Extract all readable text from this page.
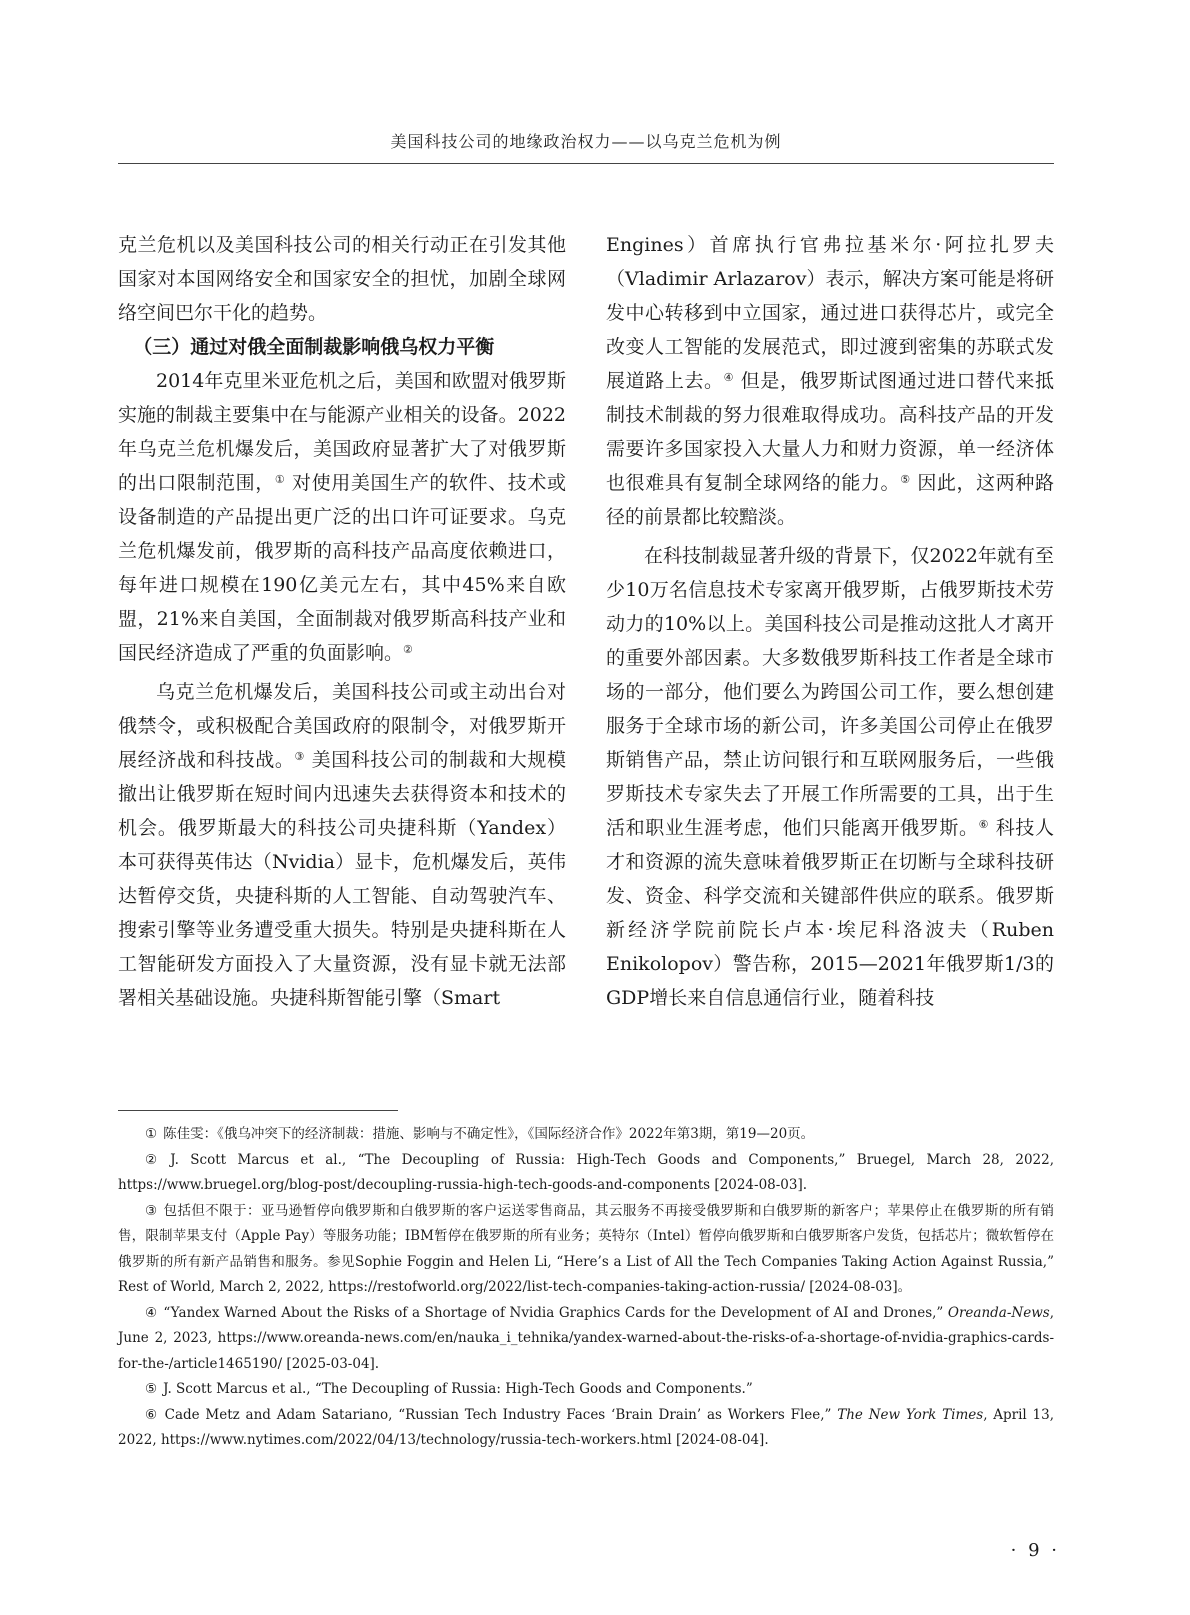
美国科技公司的地缘政治权力——以乌克兰危机为例

克兰危机以及美国科技公司的相关行动正在引发其他国家对本国网络安全和国家安全的担忧，加剧全球网络空间巴尔干化的趋势。

（三）通过对俄全面制裁影响俄乌权力平衡

2014年克里米亚危机之后，美国和欧盟对俄罗斯实施的制裁主要集中在与能源产业相关的设备。2022年乌克兰危机爆发后，美国政府显著扩大了对俄罗斯的出口限制范围，① 对使用美国生产的软件、技术或设备制造的产品提出更广泛的出口许可证要求。乌克兰危机爆发前，俄罗斯的高科技产品高度依赖进口，每年进口规模在190亿美元左右，其中45%来自欧盟，21%来自美国，全面制裁对俄罗斯高科技产业和国民经济造成了严重的负面影响。②

乌克兰危机爆发后，美国科技公司或主动出台对俄禁令，或积极配合美国政府的限制令，对俄罗斯开展经济战和科技战。③ 美国科技公司的制裁和大规模撤出让俄罗斯在短时间内迅速失去获得资本和技术的机会。俄罗斯最大的科技公司央捷科斯（Yandex）本可获得英伟达（Nvidia）显卡，危机爆发后，英伟达暂停交货，央捷科斯的人工智能、自动驾驶汽车、搜索引擎等业务遭受重大损失。特别是央捷科斯在人工智能研发方面投入了大量资源，没有显卡就无法部署相关基础设施。央捷科斯智能引擎（Smart

Engines）首席执行官弗拉基米尔·阿拉扎罗夫（Vladimir Arlazarov）表示，解决方案可能是将研发中心转移到中立国家，通过进口获得芯片，或完全改变人工智能的发展范式，即过渡到密集的苏联式发展道路上去。④ 但是，俄罗斯试图通过进口替代来抵制技术制裁的努力很难取得成功。高科技产品的开发需要许多国家投入大量人力和财力资源，单一经济体也很难具有复制全球网络的能力。⑤ 因此，这两种路径的前景都比较黯淡。

在科技制裁显著升级的背景下，仅2022年就有至少10万名信息技术专家离开俄罗斯，占俄罗斯技术劳动力的10%以上。美国科技公司是推动这批人才离开的重要外部因素。大多数俄罗斯科技工作者是全球市场的一部分，他们要么为跨国公司工作，要么想创建服务于全球市场的新公司，许多美国公司停止在俄罗斯销售产品，禁止访问银行和互联网服务后，一些俄罗斯技术专家失去了开展工作所需要的工具，出于生活和职业生涯考虑，他们只能离开俄罗斯。⑥ 科技人才和资源的流失意味着俄罗斯正在切断与全球科技研发、资金、科学交流和关键部件供应的联系。俄罗斯新经济学院前院长卢本·埃尼科洛波夫（Ruben Enikolopov）警告称，2015—2021年俄罗斯1/3的GDP增长来自信息通信行业，随着科技

① 陈佳雯：《俄乌冲突下的经济制裁：措施、影响与不确定性》，《国际经济合作》2022年第3期，第19—20页。

② J. Scott Marcus et al., “The Decoupling of Russia: High-Tech Goods and Components,” Bruegel, March 28, 2022, https://www.bruegel.org/blog-post/decoupling-russia-high-tech-goods-and-components [2024-08-03].

③ 包括但不限于：亚马逊暂停向俄罗斯和白俄罗斯的客户运送零售商品，其云服务不再接受俄罗斯和白俄罗斯的新客户；苹果停止在俄罗斯的所有销售，限制苹果支付（Apple Pay）等服务功能；IBM暂停在俄罗斯的所有业务；英特尔（Intel）暂停向俄罗斯和白俄罗斯客户发货，包括芯片；微软暂停在俄罗斯的所有新产品销售和服务。参见Sophie Foggin and Helen Li, “Here’s a List of All the Tech Companies Taking Action Against Russia,” Rest of World, March 2, 2022, https://restofworld.org/2022/list-tech-companies-taking-action-russia/ [2024-08-03]。

④ “Yandex Warned About the Risks of a Shortage of Nvidia Graphics Cards for the Development of AI and Drones,” Oreanda-News, June 2, 2023, https://www.oreanda-news.com/en/nauka_i_tehnika/yandex-warned-about-the-risks-of-a-shortage-of-nvidia-graphics-cards-for-the-/article1465190/ [2025-03-04].

⑤ J. Scott Marcus et al., “The Decoupling of Russia: High-Tech Goods and Components.”

⑥ Cade Metz and Adam Satariano, “Russian Tech Industry Faces ‘Brain Drain’ as Workers Flee,” The New York Times, April 13, 2022, https://www.nytimes.com/2022/04/13/technology/russia-tech-workers.html [2024-08-04].

· 9 ·
